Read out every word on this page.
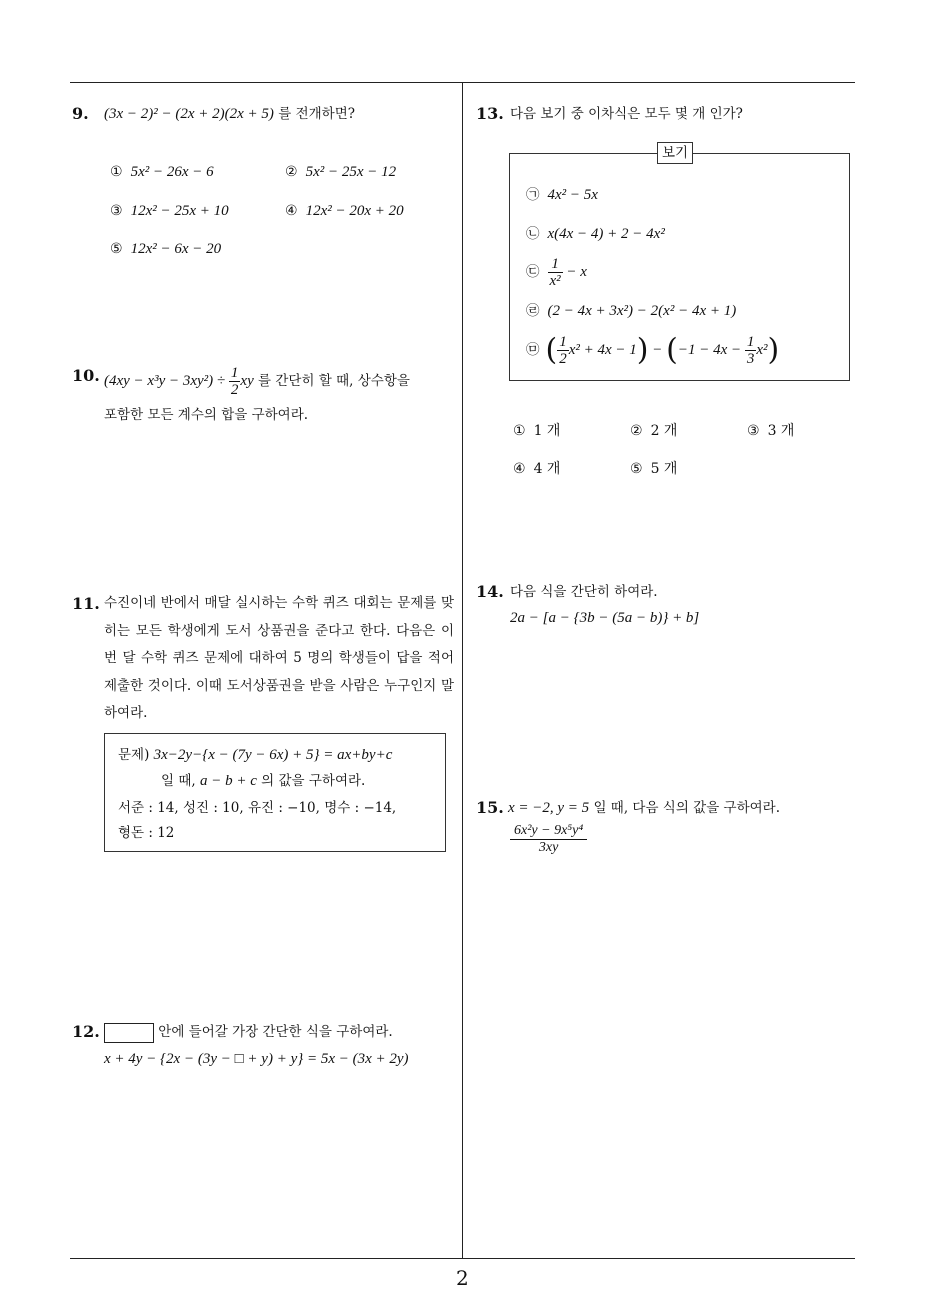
9. (3x − 2)² − (2x + 2)(2x + 5) 를 전개하면?
① 5x² − 26x − 6	② 5x² − 25x − 12
③ 12x² − 25x + 10	④ 12x² − 20x + 20
⑤ 12x² − 6x − 20
10. $(4xy - x^3y - 3xy^2) \div \frac{1}{2}$ xy 를 간단히 할 때, 상수항을
포함한 모든 계수의 합을 구하여라.
11. 수진이네 반에서 매달 실시하는 수학 퀴즈 대회는 문제를 맞히는 모든 학생에게 도서 상품권을 준다고 한다. 다음은 이번 달 수학 퀴즈 문제에 대하여 5 명의 학생들이 답을 적어 제출한 것이다. 이때 도서상품권을 받을 사람은 누구인지 말하여라.
문제) 3x−2y−{x − (7y − 6x) + 5} = ax+by+c
일 때, a − b + c 의 값을 구하여라.
서준 : 14, 성진 : 10, 유진 : −10, 명수 : −14,
형돈 : 12
12.	안에 들어갈 가장 간단한 식을 구하여라.
x + 4y − {2x − (3y − □ + y) + y} = 5x − (3x + 2y)
13. 다음 보기 중 이차식은 모두 몇 개 인가?
보기
㉠ 4x² − 5x
㉡ x(4x − 4) + 2 − 4x²
㉢ $\frac{1}{\text{x²}} - x$
㉣ (2 − 4x + 3x²) − 2(x² − 4x + 1)
㉤ ( $\frac{1}{2} x^2 + 4x - 1) - (-1 - 4x - \frac{1}{3} x^2)$
① 1 개	② 2 개	③ 3 개
④ 4 개	⑤ 5 개
14. 다음 식을 간단히 하여라.
2a − [a − {3b − (5a − b)} + b]
15. x = −2, y = 5 일 때, 다음 식의 값을 구하여라.
$\frac{\text{6x²y − 9x⁵y⁴}}{3xy}$
2
